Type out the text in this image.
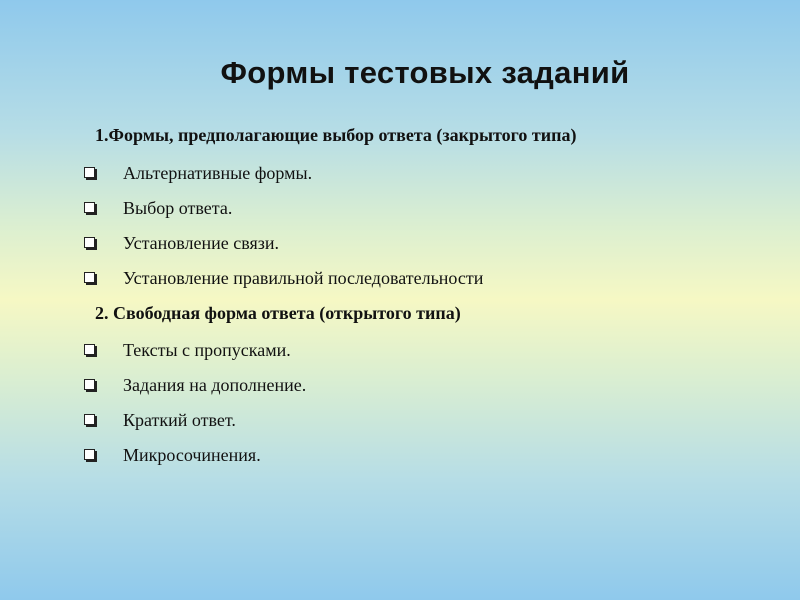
Формы тестовых заданий
1.Формы, предполагающие выбор ответа (закрытого типа)
Альтернативные формы.
Выбор ответа.
Установление связи.
Установление правильной последовательности
2. Свободная форма ответа (открытого типа)
Тексты с пропусками.
Задания на дополнение.
Краткий ответ.
Микросочинения.
